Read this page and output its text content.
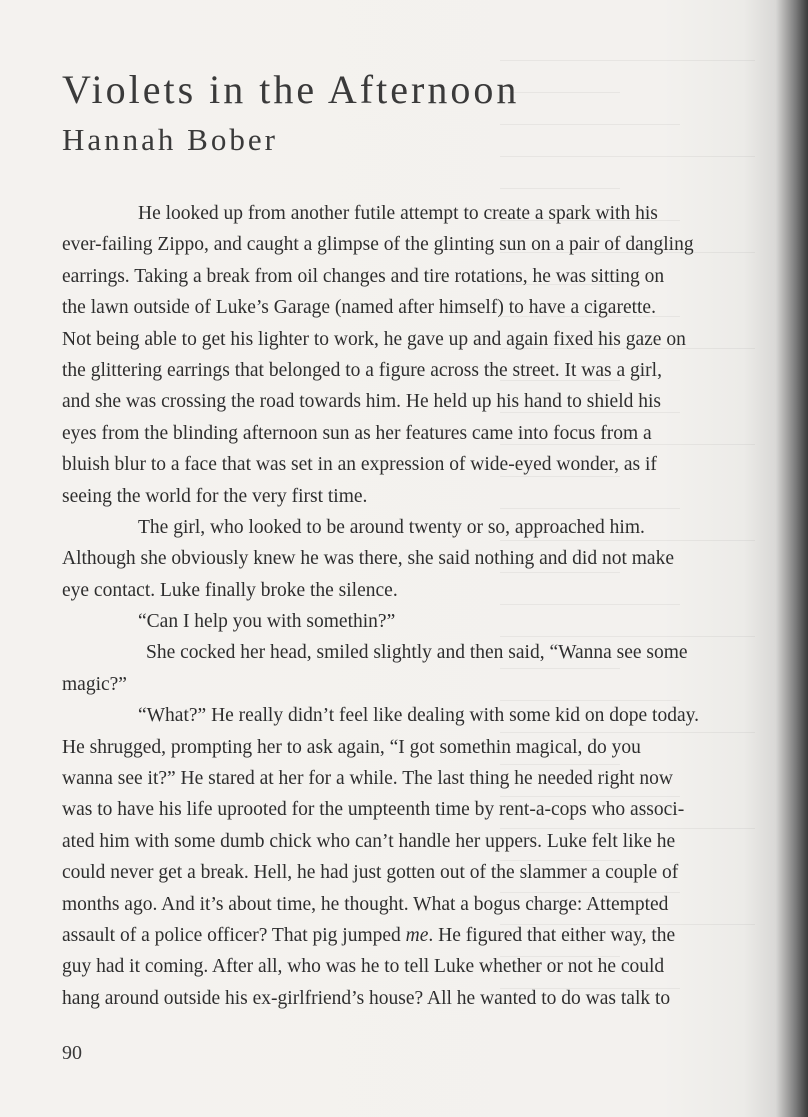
Violets in the Afternoon
Hannah Bober
He looked up from another futile attempt to create a spark with his
ever-failing Zippo, and caught a glimpse of the glinting sun on a pair of dangling
earrings. Taking a break from oil changes and tire rotations, he was sitting on
the lawn outside of Luke’s Garage (named after himself) to have a cigarette.
Not being able to get his lighter to work, he gave up and again fixed his gaze on
the glittering earrings that belonged to a figure across the street. It was a girl,
and she was crossing the road towards him. He held up his hand to shield his
eyes from the blinding afternoon sun as her features came into focus from a
bluish blur to a face that was set in an expression of wide-eyed wonder, as if
seeing the world for the very first time.
The girl, who looked to be around twenty or so, approached him.
Although she obviously knew he was there, she said nothing and did not make
eye contact. Luke finally broke the silence.
“Can I help you with somethin?”
She cocked her head, smiled slightly and then said, “Wanna see some
magic?”
“What?” He really didn’t feel like dealing with some kid on dope today.
He shrugged, prompting her to ask again, “I got somethin magical, do you
wanna see it?” He stared at her for a while. The last thing he needed right now
was to have his life uprooted for the umpteenth time by rent-a-cops who associ-
ated him with some dumb chick who can’t handle her uppers. Luke felt like he
could never get a break. Hell, he had just gotten out of the slammer a couple of
months ago. And it’s about time, he thought. What a bogus charge: Attempted
assault of a police officer? That pig jumped me. He figured that either way, the
guy had it coming. After all, who was he to tell Luke whether or not he could
hang around outside his ex-girlfriend’s house? All he wanted to do was talk to
90
